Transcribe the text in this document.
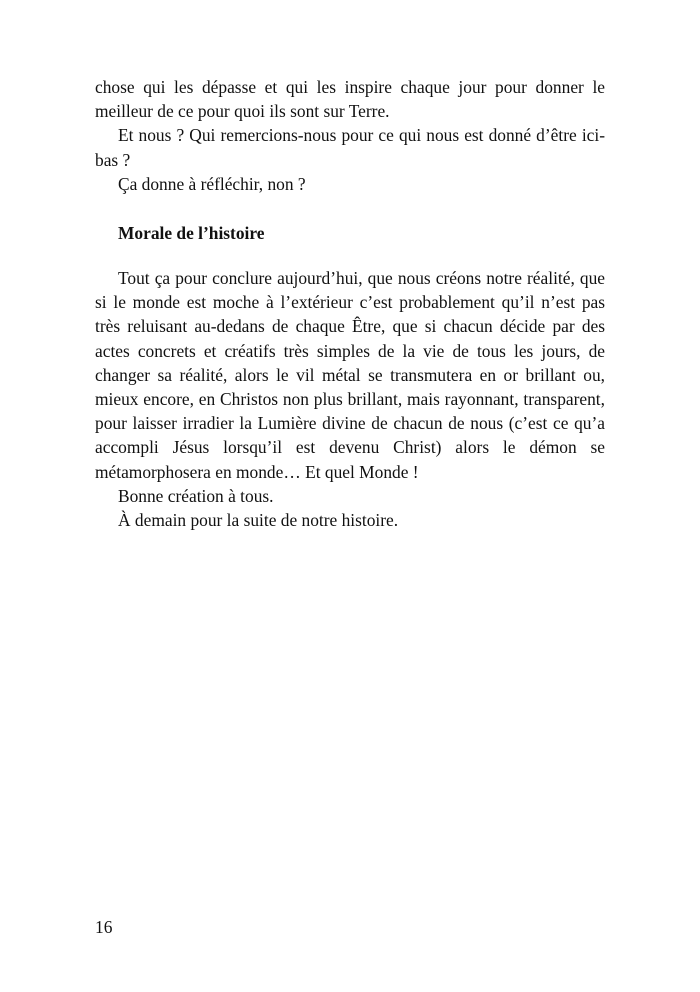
chose qui les dépasse et qui les inspire chaque jour pour donner le meilleur de ce pour quoi ils sont sur Terre.

Et nous ? Qui remercions-nous pour ce qui nous est donné d’être ici-bas ?

Ça donne à réfléchir, non ?

Morale de l’histoire

Tout ça pour conclure aujourd’hui, que nous créons notre réalité, que si le monde est moche à l’extérieur c’est probablement qu’il n’est pas très reluisant au-dedans de chaque Être, que si chacun décide par des actes concrets et créatifs très simples de la vie de tous les jours, de changer sa réalité, alors le vil métal se transmutera en or brillant ou, mieux encore, en Christos non plus brillant, mais rayonnant, transparent, pour laisser irradier la Lumière divine de chacun de nous (c’est ce qu’a accompli Jésus lorsqu’il est devenu Christ) alors le démon se métamorphosera en monde… Et quel Monde !

Bonne création à tous.

À demain pour la suite de notre histoire.

16
